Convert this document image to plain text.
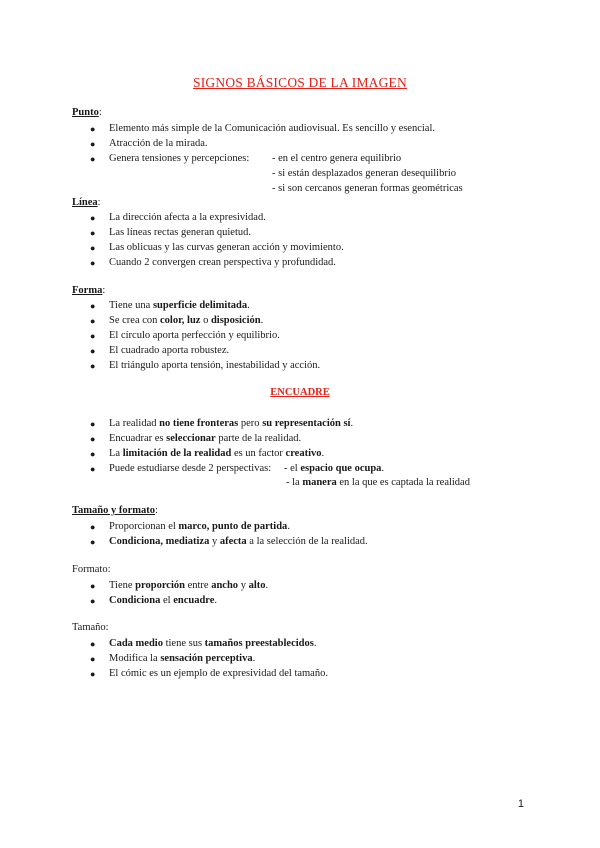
SIGNOS BÁSICOS DE LA IMAGEN
Punto:
● Elemento más simple de la Comunicación audiovisual. Es sencillo y esencial.
● Atracción de la mirada.
● Genera tensiones y percepciones: - en el centro genera equilibrio
- si están desplazados generan desequilibrio
- si son cercanos generan formas geométricas
Línea:
● La dirección afecta a la expresividad.
● Las líneas rectas generan quietud.
● Las oblicuas y las curvas generan acción y movimiento.
● Cuando 2 convergen crean perspectiva y profundidad.
Forma:
● Tiene una superficie delimitada.
● Se crea con color, luz o disposición.
● El círculo aporta perfección y equilibrio.
● El cuadrado aporta robustez.
● El triángulo aporta tensión, inestabilidad y acción.
ENCUADRE
● La realidad no tiene fronteras pero su representación sí.
● Encuadrar es seleccionar parte de la realidad.
● La limitación de la realidad es un factor creativo.
● Puede estudiarse desde 2 perspectivas: - el espacio que ocupa.
- la manera en la que es captada la realidad
Tamaño y formato:
● Proporcionan el marco, punto de partida.
● Condiciona, mediatiza y afecta a la selección de la realidad.
Formato:
● Tiene proporción entre ancho y alto.
● Condiciona el encuadre.
Tamaño:
● Cada medio tiene sus tamaños preestablecidos.
● Modifica la sensación perceptiva.
● El cómic es un ejemplo de expresividad del tamaño.
1
